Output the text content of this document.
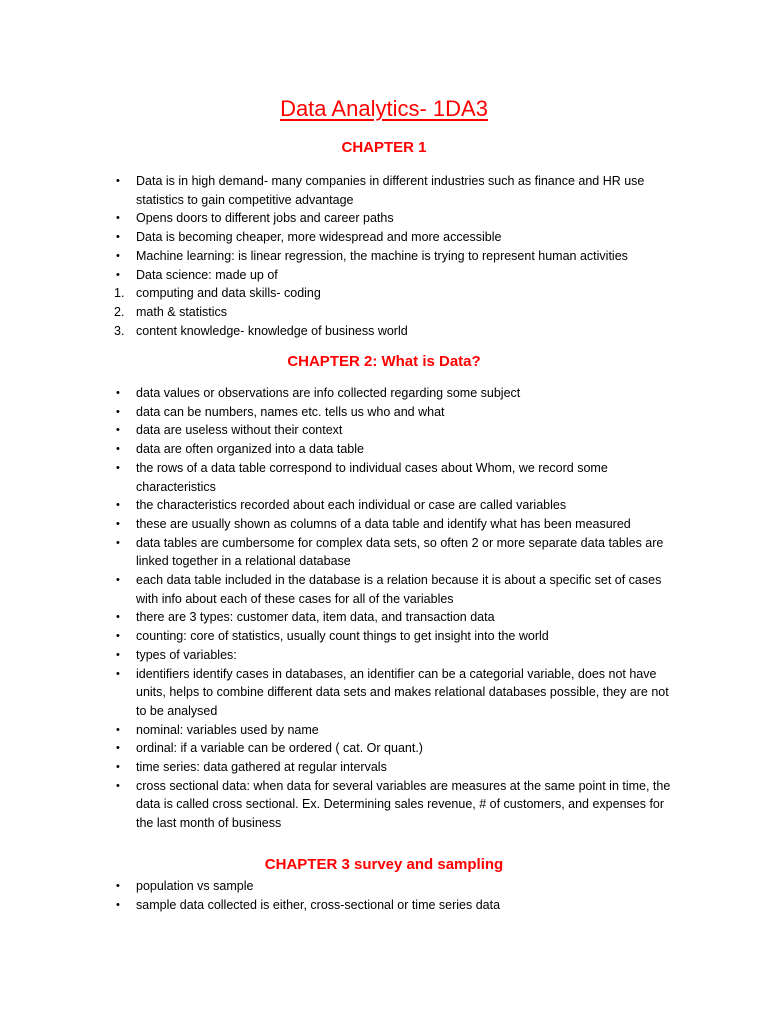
Data Analytics- 1DA3
CHAPTER 1
• Data is in high demand- many companies in different industries such as finance and HR use statistics to gain competitive advantage
• Opens doors to different jobs and career paths
• Data is becoming cheaper, more widespread and more accessible
• Machine learning: is linear regression, the machine is trying to represent human activities
• Data science: made up of
1. computing and data skills- coding
2. math & statistics
3. content knowledge- knowledge of business world
CHAPTER 2: What is Data?
• data values or observations are info collected regarding some subject
• data can be numbers, names etc. tells us who and what
• data are useless without their context
• data are often organized into a data table
• the rows of a data table correspond to individual cases about Whom, we record some characteristics
• the characteristics recorded about each individual or case are called variables
• these are usually shown as columns of a data table and identify what has been measured
• data tables are cumbersome for complex data sets, so often 2 or more separate data tables are linked together in a relational database
• each data table included in the database is a relation because it is about a specific set of cases with info about each of these cases for all of the variables
• there are 3 types: customer data, item data, and transaction data
• counting: core of statistics, usually count things to get insight into the world
• types of variables:
• identifiers identify cases in databases, an identifier can be a categorial variable, does not have units, helps to combine different data sets and makes relational databases possible, they are not to be analysed
• nominal: variables used by name
• ordinal: if a variable can be ordered ( cat. Or quant.)
• time series: data gathered at regular intervals
• cross sectional data: when data for several variables are measures at the same point in time, the data is called cross sectional. Ex. Determining sales revenue, # of customers, and expenses for the last month of business
CHAPTER 3 survey and sampling
• population vs sample
• sample data collected is either, cross-sectional or time series data
